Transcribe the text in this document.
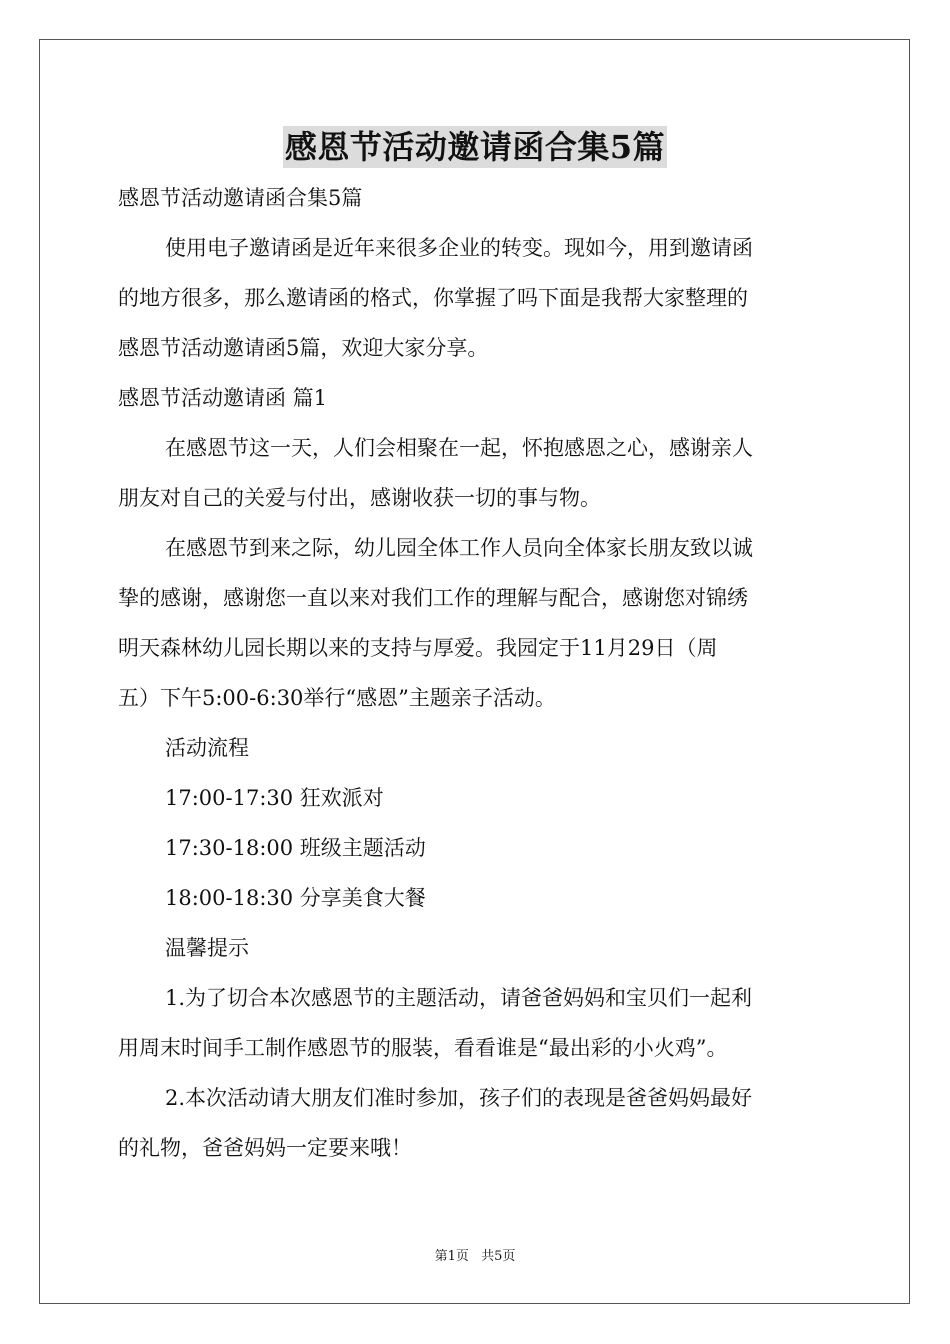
感恩节活动邀请函合集5篇
感恩节活动邀请函合集5篇
使用电子邀请函是近年来很多企业的转变。现如今，用到邀请函
的地方很多，那么邀请函的格式，你掌握了吗下面是我帮大家整理的
感恩节活动邀请函5篇，欢迎大家分享。
感恩节活动邀请函 篇1
在感恩节这一天，人们会相聚在一起，怀抱感恩之心，感谢亲人
朋友对自己的关爱与付出，感谢收获一切的事与物。
在感恩节到来之际，幼儿园全体工作人员向全体家长朋友致以诚
挚的感谢，感谢您一直以来对我们工作的理解与配合，感谢您对锦绣
明天森林幼儿园长期以来的支持与厚爱。我园定于11月29日（周
五）下午5:00-6:30举行“感恩”主题亲子活动。
活动流程
17:00-17:30 狂欢派对
17:30-18:00 班级主题活动
18:00-18:30 分享美食大餐
温馨提示
1.为了切合本次感恩节的主题活动，请爸爸妈妈和宝贝们一起利
用周末时间手工制作感恩节的服装，看看谁是“最出彩的小火鸡”。
2.本次活动请大朋友们准时参加，孩子们的表现是爸爸妈妈最好
的礼物，爸爸妈妈一定要来哦！
第1页 共5页
